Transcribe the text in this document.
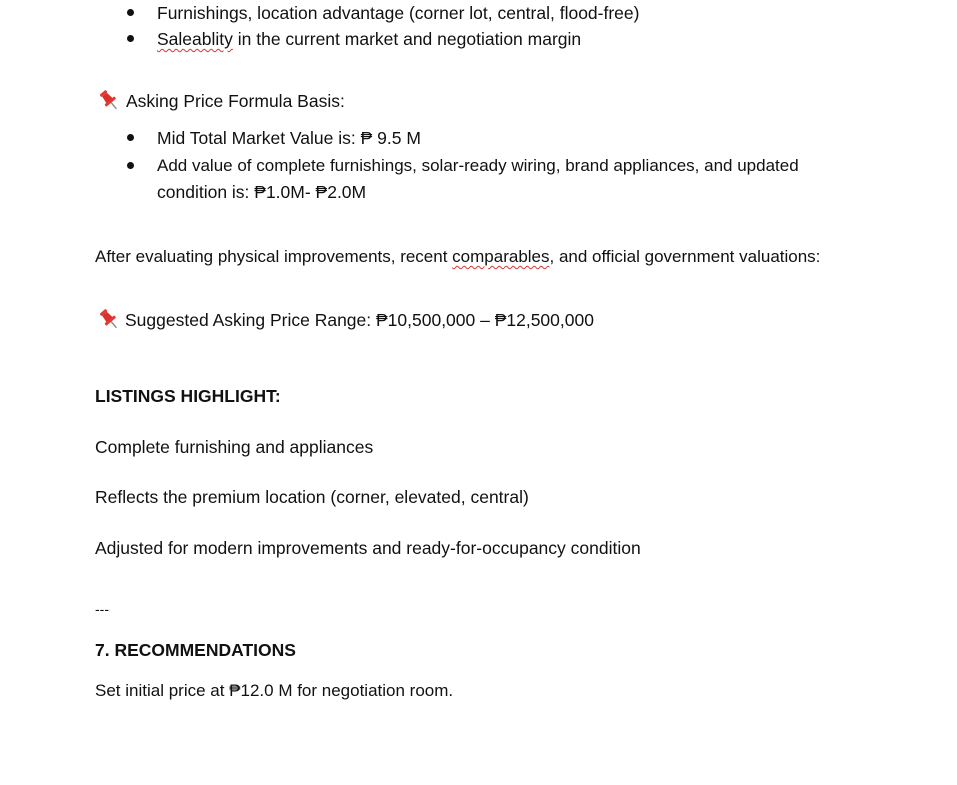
Furnishings, location advantage (corner lot, central, flood-free)
Saleablity in the current market and negotiation margin
Asking Price Formula Basis:
Mid Total Market Value is: ₱ 9.5 M
Add value of complete furnishings, solar-ready wiring, brand appliances, and updated
condition is: ₱1.0M- ₱2.0M
After evaluating physical improvements, recent comparables, and official government valuations:
Suggested Asking Price Range: ₱10,500,000 – ₱12,500,000
LISTINGS HIGHLIGHT:
Complete furnishing and appliances
Reflects the premium location (corner, elevated, central)
Adjusted for modern improvements and ready-for-occupancy condition
---
7. RECOMMENDATIONS
Set initial price at ₱12.0 M for negotiation room.
